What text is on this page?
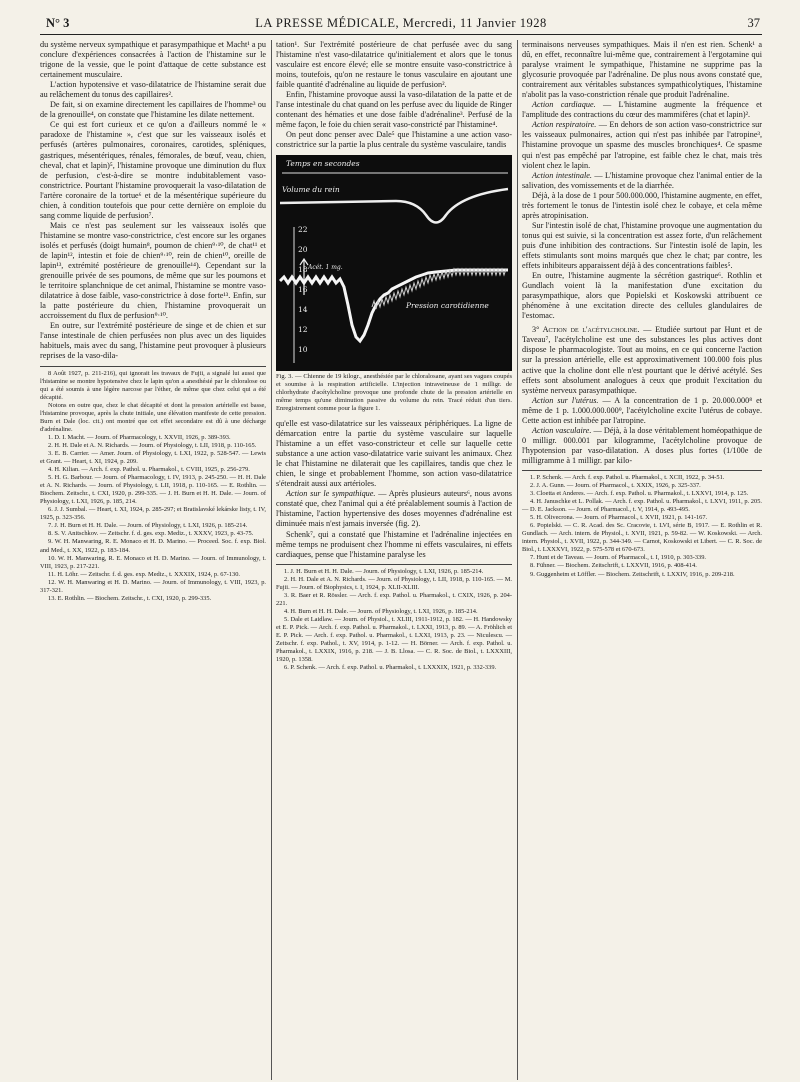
N° 3	LA PRESSE MÉDICALE, Mercredi, 11 Janvier 1928	37

du système nerveux sympathique et parasympathique et Macht¹ a pu conclure d'expériences consacrées à l'action de l'histamine sur le trigone de la vessie, que le point d'attaque de cette substance est certainement musculaire.

L'action hypotensive et vaso-dilatatrice de l'histamine serait due au relâchement du tonus des capillaires².

De fait, si on examine directement les capillaires de l'homme³ ou de la grenouille⁴, on constate que l'histamine les dilate nettement.

Ce qui est fort curieux et ce qu'on a d'ailleurs nommé le « paradoxe de l'histamine », c'est que sur les vaisseaux isolés et perfusés (artères pulmonaires, coronaires, carotides, spléniques, gastriques, mésentériques, rénales, fémorales, de bœuf, veau, chien, cheval, chat et lapin)⁵, l'histamine provoque une diminution du flux de perfusion, c'est-à-dire se montre indubitablement vaso-constrictrice. Pourtant l'histamine provoquerait la vaso-dilatation de l'artère coronaire de la tortue⁶ et de la mésentérique supérieure du chien, à condition toutefois que pour cette dernière on emploie du sang comme liquide de perfusion⁷.

Mais ce n'est pas seulement sur les vaisseaux isolés que l'histamine se montre vaso-constrictrice, c'est encore sur les organes isolés et perfusés (doigt humain⁸, poumon de chien⁹·¹⁰, de chat¹¹ et de lapin¹², intestin et foie de chien⁹·¹⁰, rein de chien¹⁰, oreille de lapin¹³, extrémité postérieure de grenouille¹⁴). Cependant sur la grenouille privée de ses poumons, de même que sur les poumons et le territoire splanchnique de cet animal, l'histamine se montre vaso-dilatatrice à dose faible, vaso-constrictrice à dose forte¹³. Enfin, sur la patte postérieure du chien, l'histamine provoquerait un accroissement du flux de perfusion⁹·¹⁰.

En outre, sur l'extrémité postérieure de singe et de chien et sur l'anse intestinale de chien perfusées non plus avec un des liquides habituels, mais avec du sang, l'histamine peut provoquer à plusieurs reprises de la vaso-dila-

8 Août 1927, p. 211-216), qui ignorait les travaux de Fujii, a signalé lui aussi que l'histamine se montre hypotensive chez le lapin qu'on a anesthésié par le chloralose ou qui a été soumis à une légère narcose par l'éther, de même que chez celui qui a été décapité.
Notons en outre que, chez le chat décapité et dont la pression artérielle est basse, l'histamine provoque, après la chute initiale, une élévation manifeste de cette pression. Burn et Dale (loc. cit.) ont montré que cet effet secondaire est dû à une décharge d'adrénaline.
1. D. I. Macht. — Journ. of Pharmacology, t. XXVII, 1926, p. 389-393.
2. H. H. Dale et A. N. Richards. — Journ. of Physiology, t. LII, 1918, p. 110-165.
3. E. B. Carrier. — Amer. Journ. of Physiology, t. LXI, 1922, p. 528-547. — Lewis et Grant. — Heart, t. XI, 1924, p. 209.
4. H. Kilian. — Arch. f. exp. Pathol. u. Pharmakol., t. CVIII, 1925, p. 256-279.
5. H. G. Barbour. — Journ. of Pharmacology, t. IV, 1913, p. 245-250. — H. H. Dale et A. N. Richards. — Journ. of Physiology, t. LII, 1918, p. 110-165. — E. Rothlin. — Biochem. Zeitschr., t. CXI, 1920, p. 299-335. — J. H. Burn et H. H. Dale. — Journ. of Physiology, t. LXI, 1926, p. 185, 214.
6. J. J. Sumbal. — Heart, t. XI, 1924, p. 285-297; et Bratislavské lekárske listy, t. IV, 1925, p. 323-356.
7. J. H. Burn et H. H. Dale. — Journ. of Physiology, t. LXI, 1926, p. 185-214.
8. S. V. Anitschkov. — Zeitschr. f. d. ges. exp. Mediz., t. XXXV, 1923, p. 43-75.
9. W. H. Manwaring, R. E. Monaco et H. D. Marino. — Proceed. Soc. f. exp. Biol. and Med., t. XX, 1922, p. 183-184.
10. W. H. Manwaring, R. E. Monaco et H. D. Marino. — Journ. of Immunology, t. VIII, 1923, p. 217-221.
11. H. Löhr. — Zeitschr. f. d. ges. exp. Mediz., t. XXXIX, 1924, p. 67-130.
12. W. H. Manwaring et H. D. Marino. — Journ. of Immunology, t. VIII, 1923, p. 317-321.
13. E. Rothlin. — Biochem. Zeitschr., t. CXI, 1920, p. 299-335.

tation¹. Sur l'extrémité postérieure de chat perfusée avec du sang l'histamine n'est vaso-dilatatrice qu'initialement et alors que le tonus vasculaire est encore élevé; elle se montre ensuite vaso-constrictrice à moins, toutefois, qu'on ne restaure le tonus vasculaire en ajoutant une faible quantité d'adrénaline au liquide de perfusion².

Enfin, l'histamine provoque aussi la vaso-dilatation de la patte et de l'anse intestinale du chat quand on les perfuse avec du liquide de Ringer contenant des hématies et une dose faible d'adrénaline³. Perfusé de la même façon, le foie du chien serait vaso-constricté par l'histamine⁴.

On peut donc penser avec Dale⁵ que l'histamine a une action vaso-constrictrice sur la partie la plus centrale du système vasculaire, tandis

Temps en secondes
Volume du rein
Acét. 1 mg.
Pression carotidienne
22
20
18
16
14
12
10
Fig. 3. — Chienne de 19 kilogr., anesthésiée par le chloralosane, ayant ses vagues coupés et soumise à la respiration artificielle. L'injection intraveineuse de 1 milligr. de chlorhydrate d'acétylcholine provoque une profonde chute de la pression artérielle en même temps qu'une diminution passive du volume du rein. Tracé réduit d'un tiers. Enregistrement comme pour la figure 1.

qu'elle est vaso-dilatatrice sur les vaisseaux périphériques. La ligne de démarcation entre la partie du système vasculaire sur laquelle l'histamine a un effet vaso-constricteur et celle sur laquelle cette substance a une action vaso-dilatatrice varie suivant les animaux. Chez le chat l'histamine ne dilaterait que les capillaires, tandis que chez le chien, le singe et probablement l'homme, son action vaso-dilatatrice s'étendrait aussi aux artérioles.

Action sur le sympathique. — Après plusieurs auteurs⁶, nous avons constaté que, chez l'animal qui a été préalablement soumis à l'action de l'histamine, l'action hypertensive des doses moyennes d'adrénaline est diminuée mais n'est jamais inversée (fig. 2).

Schenk⁷, qui a constaté que l'histamine et l'adrénaline injectées en même temps ne produisent chez l'homme ni effets vasculaires, ni effets cardiaques, pense que l'histamine paralyse les

1. J. H. Burn et H. H. Dale. — Journ. of Physiology, t. LXI, 1926, p. 185-214.
2. H. H. Dale et A. N. Richards. — Journ. of Physiology, t. LII, 1918, p. 110-165. — M. Fujii. — Journ. of Biophysics, t. I, 1924, p. XLII-XLIII.
3. R. Baer et R. Rössler. — Arch. f. exp. Pathol. u. Pharmakol., t. CXIX, 1926, p. 204-221.
4. H. Burn et H. H. Dale. — Journ. of Physiology, t. LXI, 1926, p. 185-214.
5. Dale et Laidlaw. — Journ. of Physiol., t. XLIII, 1911-1912, p. 182. — H. Handowsky et E. P. Pick. — Arch. f. exp. Pathol. u. Pharmakol., t. LXXI, 1913, p. 89. — A. Fröhlich et E. P. Pick. — Arch. f. exp. Pathol. u. Pharmakol., t. LXXI, 1913, p. 23. — Niculescu. — Zeitschr. f. exp. Pathol., t. XV, 1914, p. 1-12. — H. Börner. — Arch. f. exp. Pathol. u. Pharmakol., t. LXXIX, 1916, p. 218. — J. B. Llosa. — C. R. Soc. de Biol., t. LXXXIII, 1920, p. 1358.
6. P. Schenk. — Arch. f. exp. Pathol. u. Pharmakol., t. LXXXIX, 1921, p. 332-339.

terminaisons nerveuses sympathiques. Mais il n'en est rien. Schenk¹ a dû, en effet, reconnaître lui-même que, contrairement à l'ergotamine qui paralyse vraiment le sympathique, l'histamine ne supprime pas la glycosurie provoquée par l'adrénaline. De plus nous avons constaté que, contrairement aux véritables substances sympathicolytiques, l'histamine n'abolit pas la vaso-constriction rénale que produit l'adrénaline.

Action cardiaque. — L'histamine augmente la fréquence et l'amplitude des contractions du cœur des mammifères (chat et lapin)².

Action respiratoire. — En dehors de son action vaso-constrictrice sur les vaisseaux pulmonaires, action qui n'est pas inhibée par l'atropine³, l'histamine provoque un spasme des muscles bronchiques⁴. Ce spasme qui n'est pas empêché par l'atropine, est faible chez le chat, mais très violent chez le lapin.

Action intestinale. — L'histamine provoque chez l'animal entier de la salivation, des vomissements et de la diarrhée.

Déjà, à la dose de 1 pour 500.000.000, l'histamine augmente, en effet, très fortement le tonus de l'intestin isolé chez le cobaye, et cela même après atropinisation.

Sur l'intestin isolé de chat, l'histamine provoque une augmentation du tonus qui est suivie, si la concentration est assez forte, d'un relâchement puis d'une inhibition des contractions. Sur l'intestin isolé de lapin, les effets stimulants sont moins marqués que chez le chat; par contre, les effets inhibiteurs apparaissent déjà à des concentrations faibles⁵.

En outre, l'histamine augmente la sécrétion gastrique⁶. Rothlin et Gundlach voient là la manifestation d'une excitation du parasympathique, alors que Popielski et Koskowski attribuent ce phénomène à une excitation directe des cellules glandulaires de l'estomac.

3° Action de l'acétylcholine. — Etudiée surtout par Hunt et de Taveau⁷, l'acétylcholine est une des substances les plus actives dont dispose le pharmacologiste. Tout au moins, en ce qui concerne l'action sur la pression artérielle, elle est approximativement 100.000 fois plus active que la choline dont elle n'est pourtant que le dérivé acétylé. Ses effets sont absolument analogues à ceux que produit l'excitation du système nerveux parasympathique.

Action sur l'utérus. — A la concentration de 1 p. 20.000.000⁸ et même de 1 p. 1.000.000.000⁹, l'acétylcholine excite l'utérus de cobaye. Cette action est inhibée par l'atropine.

Action vasculaire. — Déjà, à la dose véritablement homéopathique de 0 milligr. 000.001 par kilogramme, l'acétylcholine provoque de l'hypotension par vaso-dilatation. A doses plus fortes (1/100e de milligramme à 1 milligr. par kilo-

1. P. Schenk. — Arch. f. exp. Pathol. u. Pharmakol., t. XCII, 1922, p. 34-51.
2. J. A. Gunn. — Journ. of Pharmacol., t. XXIX, 1926, p. 325-337.
3. Cloetta et Anderes. — Arch. f. exp. Pathol. u. Pharmakol., t. LXXVI, 1914, p. 125.
4. H. Januschke et L. Pollak. — Arch. f. exp. Pathol. u. Pharmakol., t. LXVI, 1911, p. 205. — D. E. Jackson. — Journ. of Pharmacol., t. V, 1914, p. 493-495.
5. H. Olivecrona. — Journ. of Pharmacol., t. XVII, 1921, p. 141-167.
6. Popielski. — C. R. Acad. des Sc. Cracovie, t. LVI, série B, 1917. — E. Rothlin et R. Gundlach. — Arch. intern. de Physiol., t. XVII, 1921, p. 59-82. — W. Koskowski. — Arch. intern. Physiol., t. XVII, 1922, p. 344-349. — Carnot, Koskowski et Libert. — C. R. Soc. de Biol., t. LXXXVI, 1922, p. 575-578 et 670-673.
7. Hunt et de Taveau. — Journ. of Pharmacol., t. I, 1910, p. 303-339.
8. Fühner. — Biochem. Zeitschrift, t. LXXVII, 1916, p. 408-414.
9. Guggenheim et Löffler. — Biochem. Zeitschrift, t. LXXIV, 1916, p. 209-218.
